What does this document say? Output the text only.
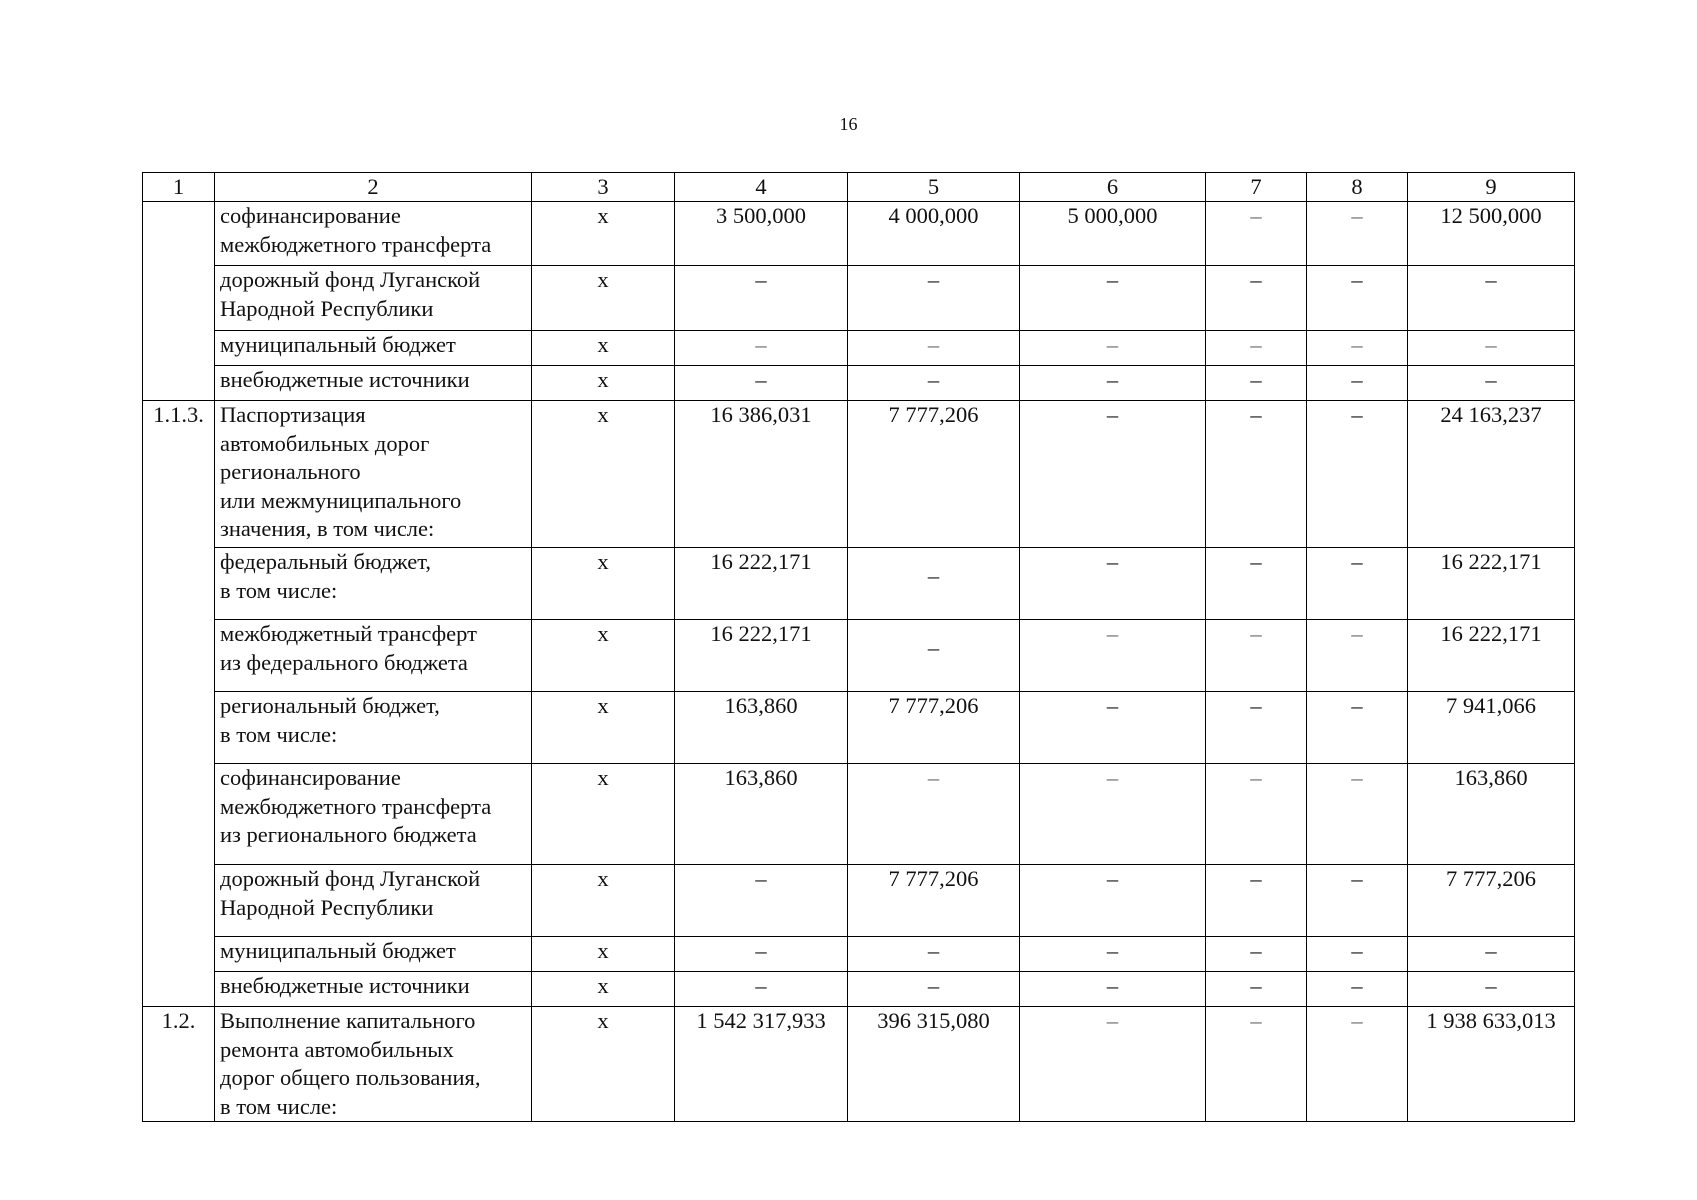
16
1	2	3	4	5	6	7	8	9
	софинансирование
межбюджетного трансферта	х	3 500,000	4 000,000	5 000,000	–	–	12 500,000
	дорожный фонд Луганской
Народной Республики	х	–	–	–	–	–	–
	муниципальный бюджет	х	–	–	–	–	–	–
	внебюджетные источники	х	–	–	–	–	–	–
1.1.3.	Паспортизация
автомобильных дорог
регионального
или межмуниципального
значения, в том числе:	х	16 386,031	7 777,206	–	–	–	24 163,237
	федеральный бюджет,
в том числе:	х	16 222,171	–	–	–	–	16 222,171
	межбюджетный трансферт
из федерального бюджета	х	16 222,171	–	–	–	–	16 222,171
	региональный бюджет,
в том числе:	х	163,860	7 777,206	–	–	–	7 941,066
	софинансирование
межбюджетного трансферта
из регионального бюджета	х	163,860	–	–	–	–	163,860
	дорожный фонд Луганской
Народной Республики	х	–	7 777,206	–	–	–	7 777,206
	муниципальный бюджет	х	–	–	–	–	–	–
	внебюджетные источники	х	–	–	–	–	–	–
1.2.	Выполнение капитального
ремонта автомобильных
дорог общего пользования,
в том числе:	х	1 542 317,933	396 315,080	–	–	–	1 938 633,013
